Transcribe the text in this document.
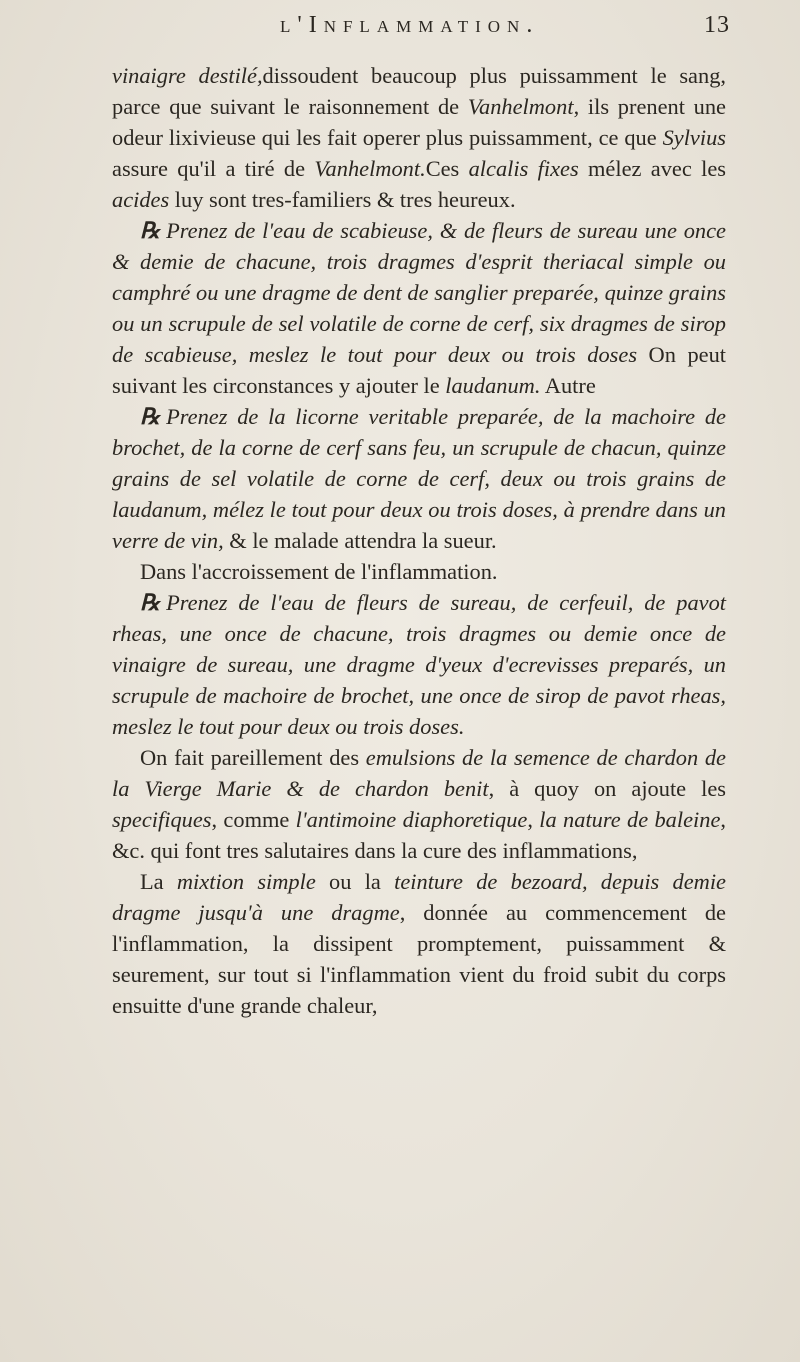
l'Inflammation.	13

vinaigre destilé,dissoudent beaucoup plus puissamment le sang, parce que suivant le raisonnement de Vanhelmont, ils prenent une odeur lixivieuse qui les fait operer plus puissamment, ce que Sylvius assure qu'il a tiré de Vanhelmont.Ces alcalis fixes mélez avec les acides luy sont tres-familiers & tres heureux.

℞ Prenez de l'eau de scabieuse, & de fleurs de sureau une once & demie de chacune, trois dragmes d'esprit theriacal simple ou camphré ou une dragme de dent de sanglier preparée, quinze grains ou un scrupule de sel volatile de corne de cerf, six dragmes de sirop de scabieuse, meslez le tout pour deux ou trois doses On peut suivant les circonstances y ajouter le laudanum. Autre

℞ Prenez de la licorne veritable preparée, de la machoire de brochet, de la corne de cerf sans feu, un scrupule de chacun, quinze grains de sel volatile de corne de cerf, deux ou trois grains de laudanum, mélez le tout pour deux ou trois doses, à prendre dans un verre de vin, & le malade attendra la sueur.

Dans l'accroissement de l'inflammation.

℞ Prenez de l'eau de fleurs de sureau, de cerfeuil, de pavot rheas, une once de chacune, trois dragmes ou demie once de vinaigre de sureau, une dragme d'yeux d'ecrevisses preparés, un scrupule de machoire de brochet, une once de sirop de pavot rheas, meslez le tout pour deux ou trois doses.

On fait pareillement des emulsions de la semence de chardon de la Vierge Marie & de chardon benit, à quoy on ajoute les specifiques, comme l'antimoine diaphoretique, la nature de baleine, &c. qui font tres salutaires dans la cure des inflammations,

La mixtion simple ou la teinture de bezoard, depuis demie dragme jusqu'à une dragme, donnée au commencement de l'inflammation, la dissipent promptement, puissamment & seurement, sur tout si l'inflammation vient du froid subit du corps ensuitte d'une grande chaleur,
